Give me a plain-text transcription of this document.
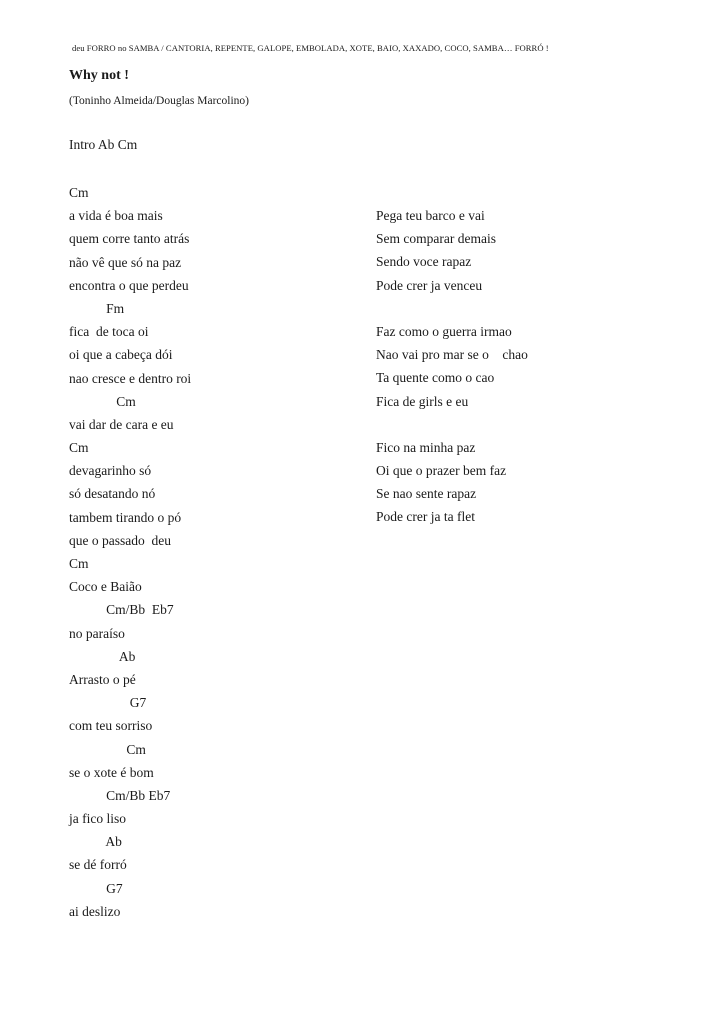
deu FORRO no SAMBA / CANTORIA, REPENTE, GALOPE, EMBOLADA, XOTE, BAIO, XAXADO, COCO, SAMBA… FORRÓ !
Why not !
(Toninho Almeida/Douglas Marcolino)
Intro Ab Cm
Cm
a vida é boa mais
quem corre tanto atrás
não vê que só na paz
encontra o que perdeu
Fm
fica  de toca oi
oi que a cabeça dói
nao cresce e dentro roi
Cm
vai dar de cara e eu
Cm
devagarinho só
só desatando nó
tambem tirando o pó
que o passado  deu
Cm
Coco e Baião
Cm/Bb  Eb7
no paraíso
Ab
Arrasto o pé
G7
com teu sorriso
Cm
se o xote é bom
Cm/Bb Eb7
ja fico liso
Ab
se dé forró
G7
ai deslizo
Pega teu barco e vai
Sem comparar demais
Sendo voce rapaz
Pode crer ja venceu
Faz como o guerra irmao
Nao vai pro mar se o    chao
Ta quente como o cao
Fica de girls e eu
Fico na minha paz
Oi que o prazer bem faz
Se nao sente rapaz
Pode crer ja ta flet
